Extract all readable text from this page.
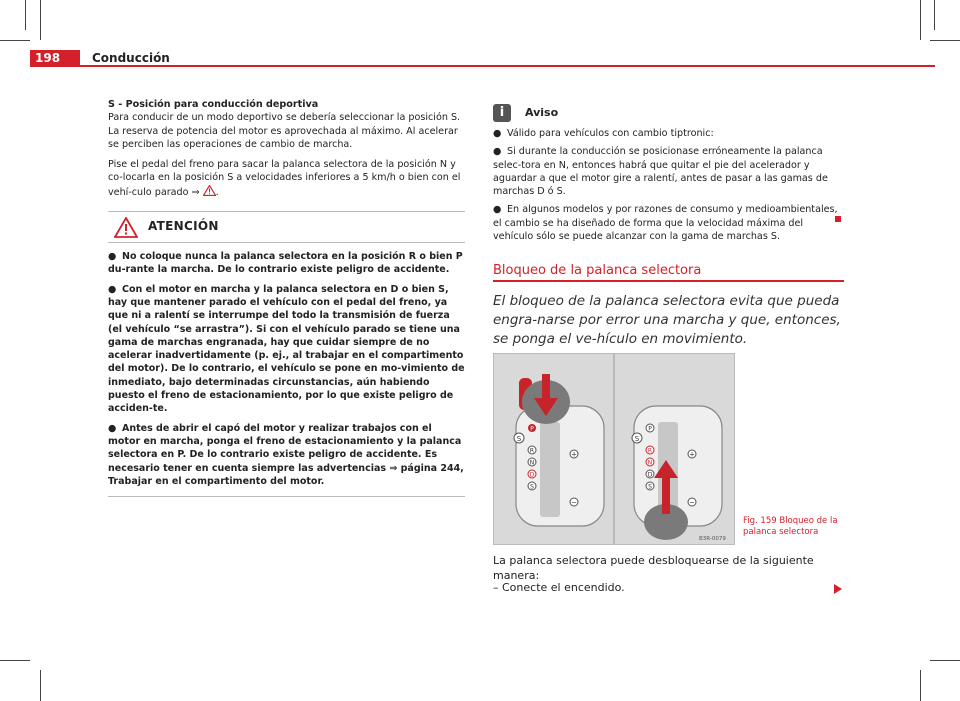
198	Conducción

S - Posición para conducción deportiva

Para conducir de un modo deportivo se debería seleccionar la posición S. La reserva de potencia del motor es aprovechada al máximo. Al acelerar se perciben las operaciones de cambio de marcha.

Pise el pedal del freno para sacar la palanca selectora de la posición N y co-locarla en la posición S a velocidades inferiores a 5 km/h o bien con el vehí-culo parado ⇒ .

ATENCIÓN

● No coloque nunca la palanca selectora en la posición R o bien P du-rante la marcha. De lo contrario existe peligro de accidente.

● Con el motor en marcha y la palanca selectora en D o bien S, hay que mantener parado el vehículo con el pedal del freno, ya que ni a ralentí se interrumpe del todo la transmisión de fuerza (el vehículo “se arrastra”). Si con el vehículo parado se tiene una gama de marchas engranada, hay que cuidar siempre de no acelerar inadvertidamente (p. ej., al trabajar en el compartimento del motor). De lo contrario, el vehículo se pone en mo-vimiento de inmediato, bajo determinadas circunstancias, aún habiendo puesto el freno de estacionamiento, por lo que existe peligro de acciden-te.

● Antes de abrir el capó del motor y realizar trabajos con el motor en marcha, ponga el freno de estacionamiento y la palanca selectora en P. De lo contrario existe peligro de accidente. Es necesario tener en cuenta siempre las advertencias ⇒ página 244, Trabajar en el compartimento del motor.

i	Aviso

● Válido para vehículos con cambio tiptronic:

● Si durante la conducción se posicionase erróneamente la palanca selec-tora en N, entonces habrá que quitar el pie del acelerador y aguardar a que el motor gire a ralentí, antes de pasar a las gamas de marchas D ó S.

● En algunos modelos y por razones de consumo y medioambientales, el cambio se ha diseñado de forma que la velocidad máxima del vehículo sólo se puede alcanzar con la gama de marchas S.

Bloqueo de la palanca selectora
El bloqueo de la palanca selectora evita que pueda engra-narse por error una marcha y que, entonces, se ponga el ve-hículo en movimiento.
S
P
R
N
D
S
+
−
S
P
R
N
D
S
+
−
B3R-0079
Fig. 159 Bloqueo de la palanca selectora
La palanca selectora puede desbloquearse de la siguiente manera:
– Conecte el encendido.
